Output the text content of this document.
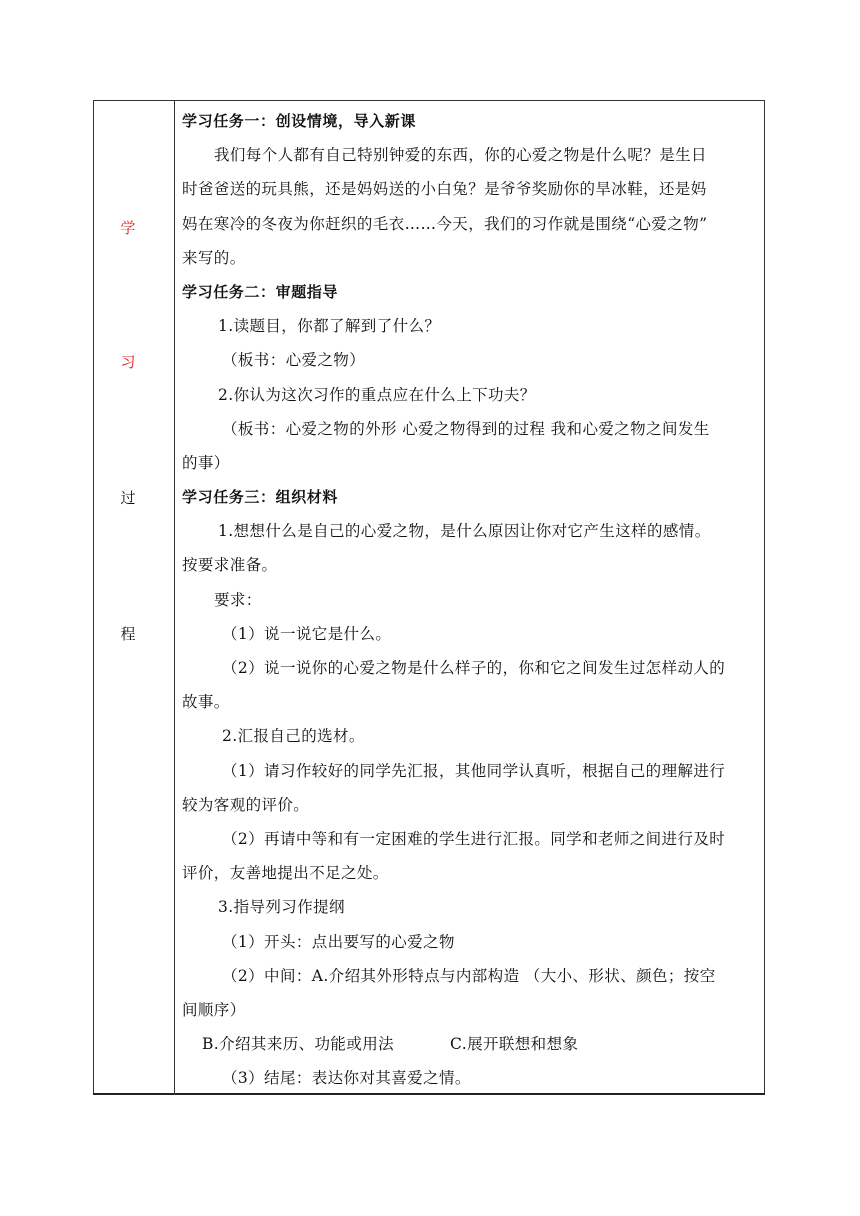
学
习
过
程
学习任务一：创设情境，导入新课
我们每个人都有自己特别钟爱的东西，你的心爱之物是什么呢？是生日
时爸爸送的玩具熊，还是妈妈送的小白兔？是爷爷奖励你的旱冰鞋，还是妈
妈在寒冷的冬夜为你赶织的毛衣……今天，我们的习作就是围绕“心爱之物”
来写的。
学习任务二：审题指导
1.读题目，你都了解到了什么？
（板书：心爱之物）
2.你认为这次习作的重点应在什么上下功夫？
（板书：心爱之物的外形 心爱之物得到的过程 我和心爱之物之间发生
的事）
学习任务三：组织材料
1.想想什么是自己的心爱之物，是什么原因让你对它产生这样的感情。
按要求准备。
要求：
（1）说一说它是什么。
（2）说一说你的心爱之物是什么样子的，你和它之间发生过怎样动人的
故事。
2.汇报自己的选材。
（1）请习作较好的同学先汇报，其他同学认真听，根据自己的理解进行
较为客观的评价。
（2）再请中等和有一定困难的学生进行汇报。同学和老师之间进行及时
评价，友善地提出不足之处。
3.指导列习作提纲
（1）开头：点出要写的心爱之物
（2）中间：A.介绍其外形特点与内部构造 （大小、形状、颜色；按空
间顺序）
B.介绍其来历、功能或用法	C.展开联想和想象
（3）结尾：表达你对其喜爱之情。
